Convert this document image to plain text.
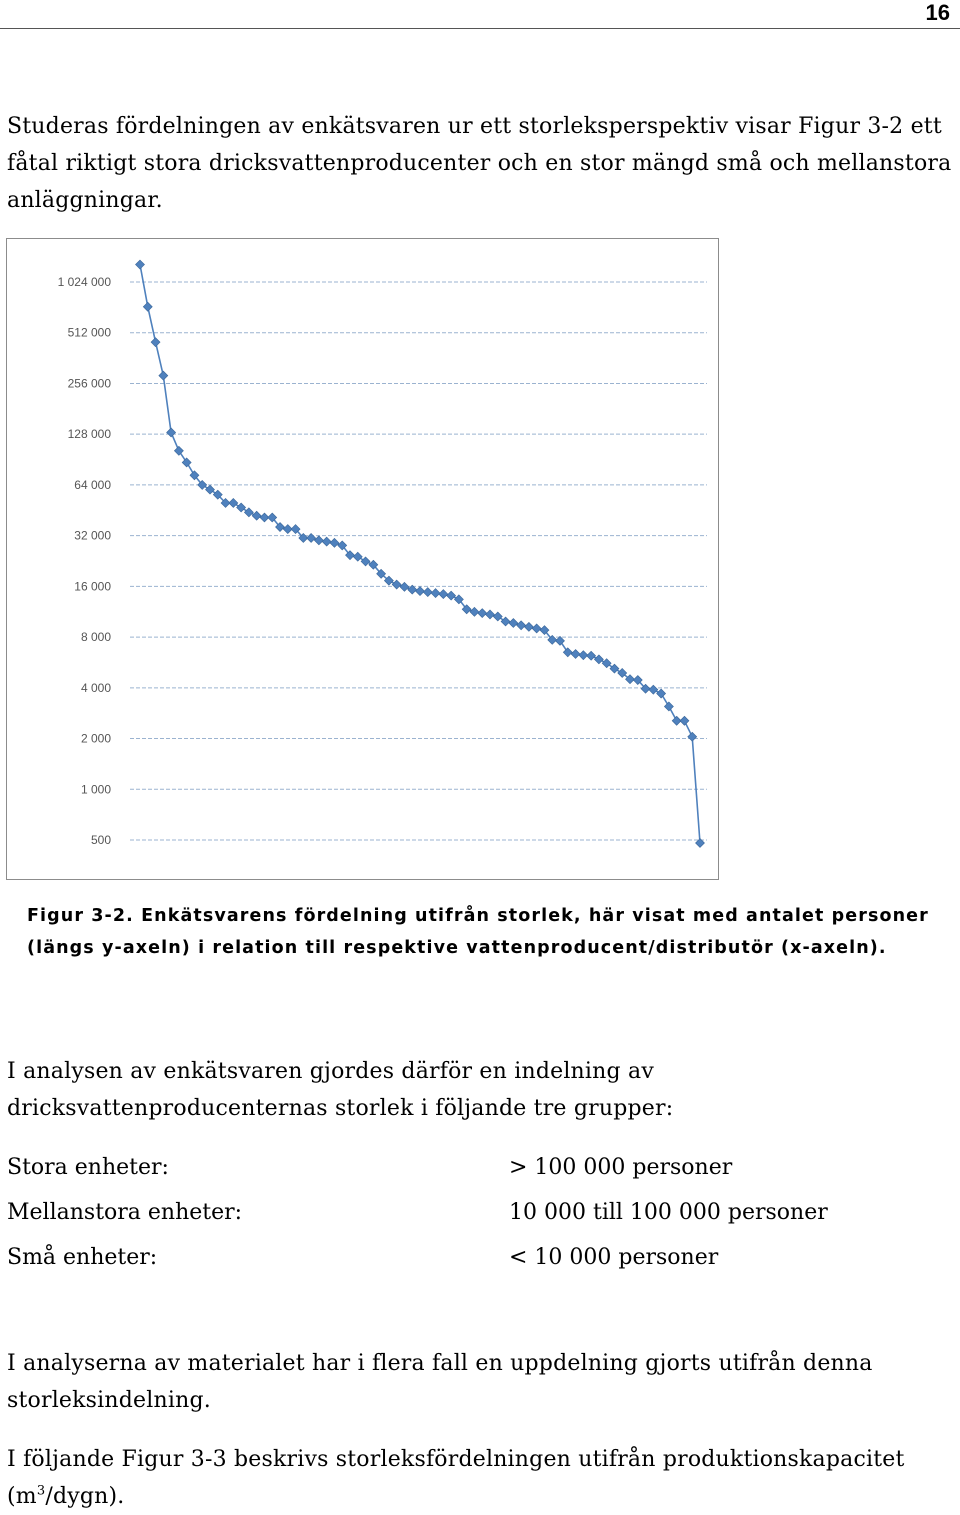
16

Studeras fördelningen av enkätsvaren ur ett storleksperspektiv visar Figur 3-2 ett fåtal riktigt stora dricksvattenproducenter och en stor mängd små och mellanstora anläggningar.

500
1 000
2 000
4 000
8 000
16 000
32 000
64 000
128 000
256 000
512 000
1 024 000

Figur 3-2. Enkätsvarens fördelning utifrån storlek, här visat med antalet personer (längs y-axeln) i relation till respektive vattenproducent/distributör (x-axeln).

I analysen av enkätsvaren gjordes därför en indelning av dricksvattenproducenternas storlek i följande tre grupper:

Stora enheter:	> 100 000 personer
Mellanstora enheter:	10 000 till 100 000 personer
Små enheter:	< 10 000 personer

I analyserna av materialet har i flera fall en uppdelning gjorts utifrån denna storleksindelning.

I följande Figur 3-3 beskrivs storleksfördelningen utifrån produktionskapacitet $(m^3/dygn)$.
